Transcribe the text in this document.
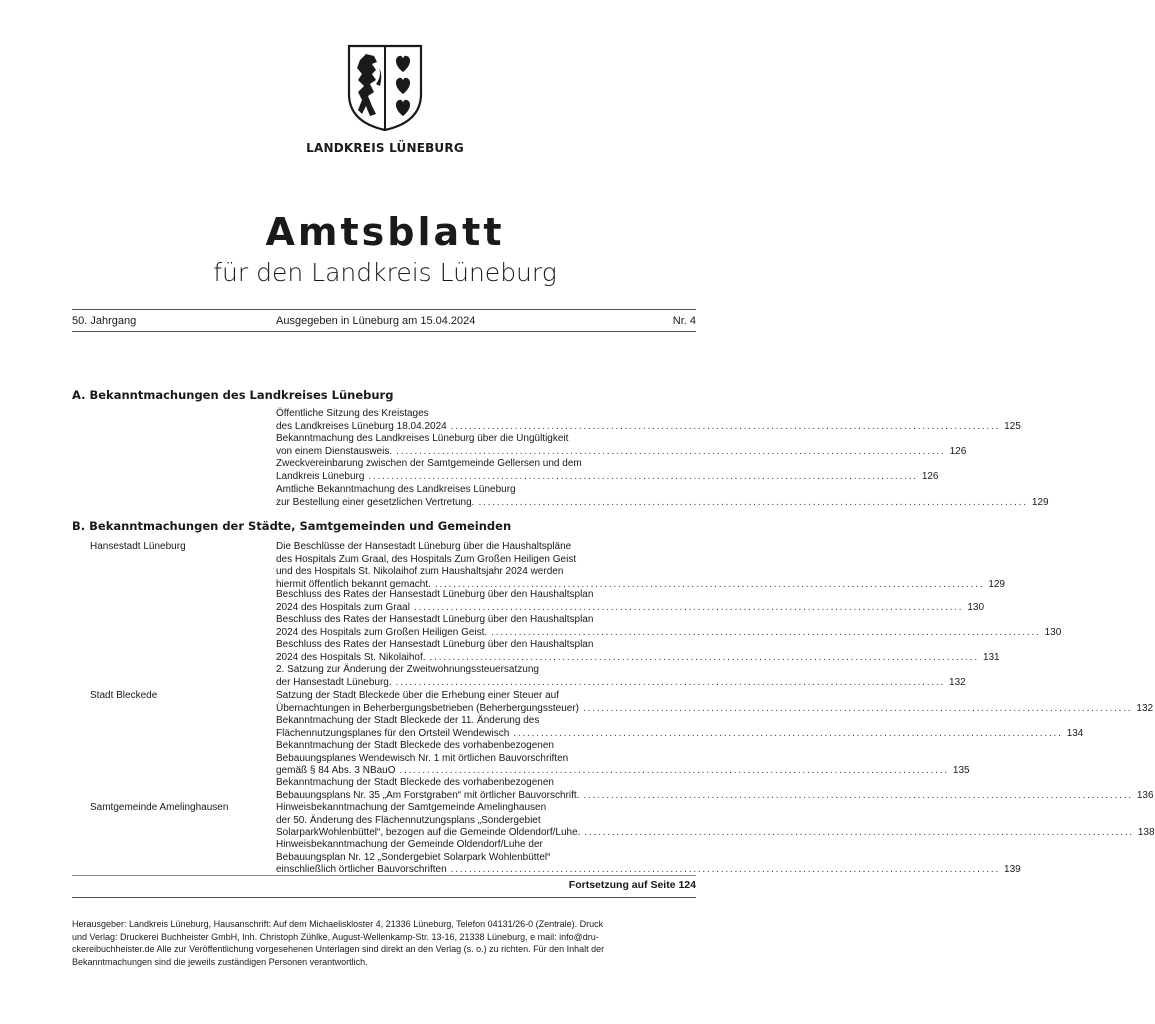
LANDKREIS LÜNEBURG
Amtsblatt
für den Landkreis Lüneburg
50. Jahrgang	Ausgegeben in Lüneburg am 15.04.2024	Nr. 4
A. Bekanntmachungen des Landkreises Lüneburg
Öffentliche Sitzung des Kreistages
des Landkreises Lüneburg 18.04.2024 ........................................................................................................................ 125
Bekanntmachung des Landkreises Lüneburg über die Ungültigkeit
von einem Dienstausweis. ........................................................................................................................ 126
Zweckvereinbarung zwischen der Samtgemeinde Gellersen und dem
Landkreis Lüneburg ........................................................................................................................ 126
Amtliche Bekanntmachung des Landkreises Lüneburg
zur Bestellung einer gesetzlichen Vertretung. ........................................................................................................................ 129
B. Bekanntmachungen der Städte, Samtgemeinden und Gemeinden
Hansestadt Lüneburg
Stadt Bleckede
Samtgemeinde Amelinghausen
Die Beschlüsse der Hansestadt Lüneburg über die Haushaltspläne
des Hospitals Zum Graal, des Hospitals Zum Großen Heiligen Geist
und des Hospitals St. Nikolaihof zum Haushaltsjahr 2024 werden
hiermit öffentlich bekannt gemacht. ........................................................................................................................ 129
Beschluss des Rates der Hansestadt Lüneburg über den Haushaltsplan
2024 des Hospitals zum Graal ........................................................................................................................ 130
Beschluss des Rates der Hansestadt Lüneburg über den Haushaltsplan
2024 des Hospitals zum Großen Heiligen Geist. ........................................................................................................................ 130
Beschluss des Rates der Hansestadt Lüneburg über den Haushaltsplan
2024 des Hospitals St. Nikolaihof. ........................................................................................................................ 131
2. Satzung zur Änderung der Zweitwohnungssteuersatzung
der Hansestadt Lüneburg. ........................................................................................................................ 132
Satzung der Stadt Bleckede über die Erhebung einer Steuer auf
Übernachtungen in Beherbergungsbetrieben (Beherbergungssteuer) ........................................................................................................................ 132
Bekanntmachung der Stadt Bleckede der 11. Änderung des
Flächennutzungsplanes für den Ortsteil Wendewisch ........................................................................................................................ 134
Bekanntmachung der Stadt Bleckede des vorhabenbezogenen
Bebauungsplanes Wendewisch Nr. 1 mit örtlichen Bauvorschriften
gemäß § 84 Abs. 3 NBauO ........................................................................................................................ 135
Bekanntmachung der Stadt Bleckede des vorhabenbezogenen
Bebauungsplans Nr. 35 „Am Forstgraben“ mit örtlicher Bauvorschrift. ........................................................................................................................ 136
Hinweisbekanntmachung der Samtgemeinde Amelinghausen
der 50. Änderung des Flächennutzungsplans „Sondergebiet
SolarparkWohlenbüttel“, bezogen auf die Gemeinde Oldendorf/Luhe. ........................................................................................................................ 138
Hinweisbekanntmachung der Gemeinde Oldendorf/Luhe der
Bebauungsplan Nr. 12 „Sondergebiet Solarpark Wohlenbüttel“
einschließlich örtlicher Bauvorschriften ........................................................................................................................ 139
Fortsetzung auf Seite 124
Herausgeber: Landkreis Lüneburg, Hausanschrift: Auf dem Michaeliskloster 4, 21336 Lüneburg, Telefon 04131/26-0 (Zentrale). Druck
und Verlag: Druckerei Buchheister GmbH, Inh. Christoph Zühlke, August-Wellenkamp-Str. 13-16, 21338 Lüneburg, e mail: info@dru-
ckereibuchheister.de Alle zur Veröffentlichung vorgesehenen Unterlagen sind direkt an den Verlag (s. o.) zu richten. Für den Inhalt der
Bekanntmachungen sind die jeweils zuständigen Personen verantwortlich.
